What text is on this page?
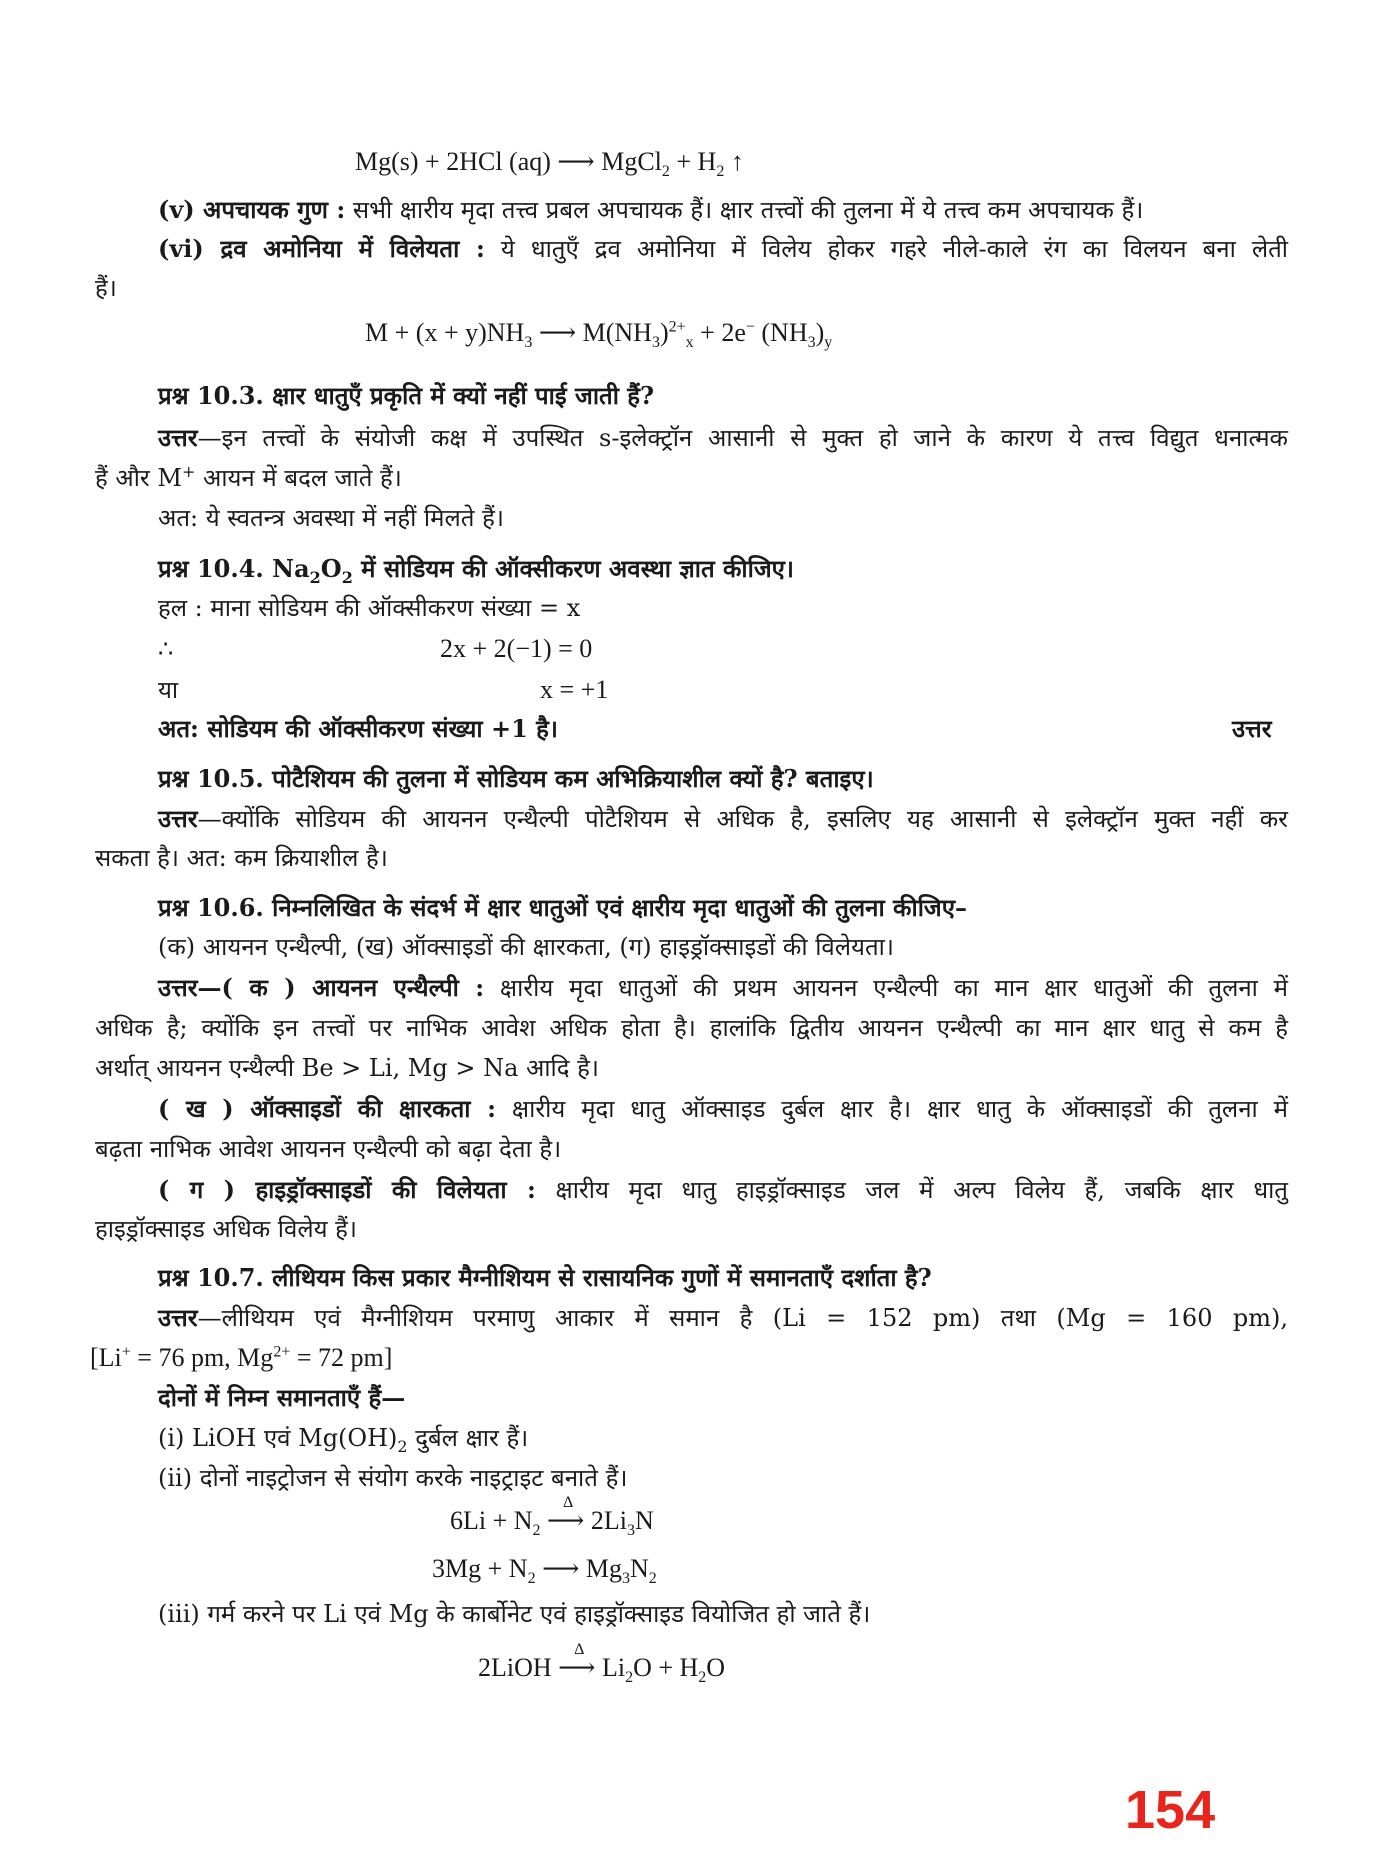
Mg(s) + 2HCl (aq) ⟶ MgCl$_2$ + $H_2$ ↑
(v) अपचायक गुण : सभी क्षारीय मृदा तत्त्व प्रबल अपचायक हैं। क्षार तत्त्वों की तुलना में ये तत्त्व कम अपचायक हैं।
(vi) द्रव अमोनिया में विलेयता : ये धातुएँ द्रव अमोनिया में विलेय होकर गहरे नीले-काले रंग का विलयन बना लेती
हैं।
$M + (x + y)NH_3$ ⟶ $M(NH_3)^{2+}_x + 2e^-$ $(NH_3)_y$
प्रश्न 10.3. क्षार धातुएँ प्रकृति में क्यों नहीं पाई जाती हैं?
उत्तर—इन तत्त्वों के संयोजी कक्ष में उपस्थित s-इलेक्ट्रॉन आसानी से मुक्त हो जाने के कारण ये तत्त्व विद्युत धनात्मक
हैं और M+ आयन में बदल जाते हैं।
अत: ये स्वतन्त्र अवस्था में नहीं मिलते हैं।
प्रश्न 10.4. $Na_2O_2$ में सोडियम की ऑक्सीकरण अवस्था ज्ञात कीजिए।
हल : माना सोडियम की ऑक्सीकरण संख्या = x
∴	2x + 2(−1) = 0
या	x = +1
अत: सोडियम की ऑक्सीकरण संख्या +1 है।	उत्तर
प्रश्न 10.5. पोटैशियम की तुलना में सोडियम कम अभिक्रियाशील क्यों है? बताइए।
उत्तर—क्योंकि सोडियम की आयनन एन्थैल्पी पोटैशियम से अधिक है, इसलिए यह आसानी से इलेक्ट्रॉन मुक्त नहीं कर
सकता है। अत: कम क्रियाशील है।
प्रश्न 10.6. निम्नलिखित के संदर्भ में क्षार धातुओं एवं क्षारीय मृदा धातुओं की तुलना कीजिए–
(क) आयनन एन्थैल्पी, (ख) ऑक्साइडों की क्षारकता, (ग) हाइड्रॉक्साइडों की विलेयता।
उत्तर—( क ) आयनन एन्थैल्पी : क्षारीय मृदा धातुओं की प्रथम आयनन एन्थैल्पी का मान क्षार धातुओं की तुलना में
अधिक है; क्योंकि इन तत्त्वों पर नाभिक आवेश अधिक होता है। हालांकि द्वितीय आयनन एन्थैल्पी का मान क्षार धातु से कम है
अर्थात् आयनन एन्थैल्पी Be > Li, Mg > Na आदि है।
( ख ) ऑक्साइडों की क्षारकता : क्षारीय मृदा धातु ऑक्साइड दुर्बल क्षार है। क्षार धातु के ऑक्साइडों की तुलना में
बढ़ता नाभिक आवेश आयनन एन्थैल्पी को बढ़ा देता है।
( ग ) हाइड्रॉक्साइडों की विलेयता : क्षारीय मृदा धातु हाइड्रॉक्साइड जल में अल्प विलेय हैं, जबकि क्षार धातु
हाइड्रॉक्साइड अधिक विलेय हैं।
प्रश्न 10.7. लीथियम किस प्रकार मैग्नीशियम से रासायनिक गुणों में समानताएँ दर्शाता है?
उत्तर—लीथियम एवं मैग्नीशियम परमाणु आकार में समान है (Li = 152 pm) तथा (Mg = 160 pm),
[Li+ = 76 pm, $Mg^{2+} = 72$ pm]
दोनों में निम्न समानताएँ हैं—
(i) LiOH एवं $Mg(OH)_2$ दुर्बल क्षार हैं।
(ii) दोनों नाइट्रोजन से संयोग करके नाइट्राइट बनाते हैं।
$6Li + N_2$
Δ
⟶ $2Li_3N$
$3Mg + N_2$ ⟶ $Mg_3N_2$
(iii) गर्म करने पर Li एवं Mg के कार्बोनेट एवं हाइड्रॉक्साइड वियोजित हो जाते हैं।
2LiOH
Δ
⟶ $Li_2O + H_2O$
154
